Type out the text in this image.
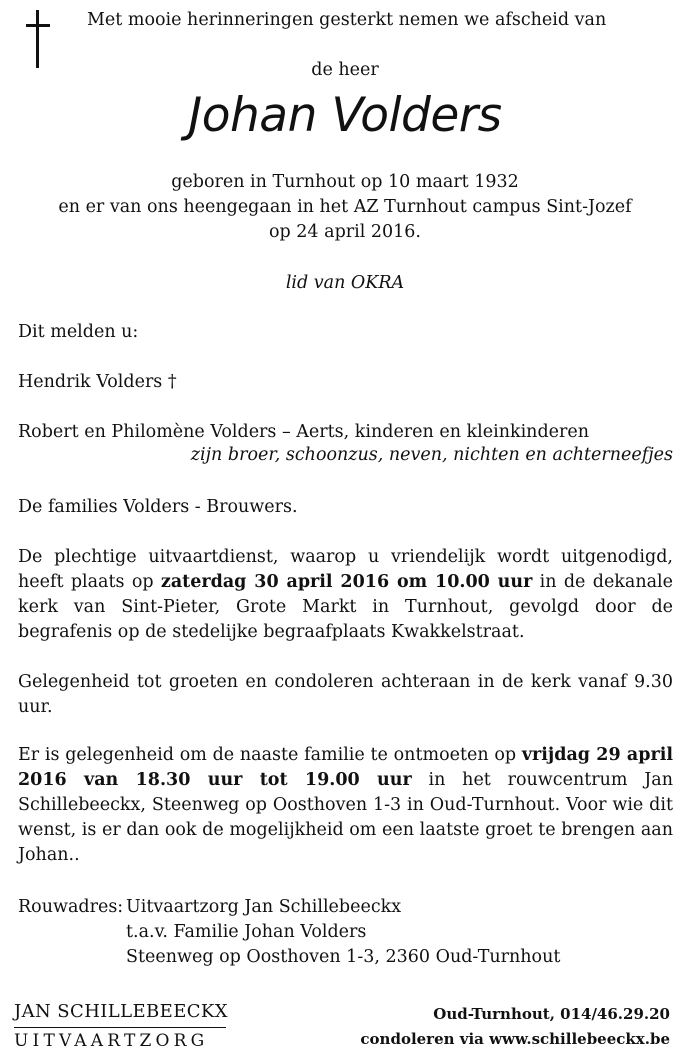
Met mooie herinneringen gesterkt nemen we afscheid van
de heer
Johan Volders
geboren in Turnhout op 10 maart 1932
en er van ons heengegaan in het AZ Turnhout campus Sint-Jozef
op 24 april 2016.
lid van OKRA
Dit melden u:
Hendrik Volders †
Robert en Philomène Volders – Aerts, kinderen en kleinkinderen
zijn broer, schoonzus, neven, nichten en achterneefjes
De families Volders - Brouwers.
De plechtige uitvaartdienst, waarop u vriendelijk wordt uitgenodigd, heeft plaats op zaterdag 30 april 2016 om 10.00 uur in de dekanale kerk van Sint-Pieter, Grote Markt in Turnhout, gevolgd door de begrafenis op de stedelijke begraafplaats Kwakkelstraat.
Gelegenheid tot groeten en condoleren achteraan in de kerk vanaf 9.30 uur.
Er is gelegenheid om de naaste familie te ontmoeten op vrijdag 29 april 2016 van 18.30 uur tot 19.00 uur in het rouwcentrum Jan Schillebeeckx, Steenweg op Oosthoven 1-3 in Oud-Turnhout. Voor wie dit wenst, is er dan ook de mogelijkheid om een laatste groet te brengen aan Johan..
Rouwadres: Uitvaartzorg Jan Schillebeeckx
t.a.v. Familie Johan Volders
Steenweg op Oosthoven 1-3, 2360 Oud-Turnhout
JAN SCHILLEBEECKX
UITVAARTZORG
Oud-Turnhout, 014/46.29.20
condoleren via www.schillebeeckx.be
